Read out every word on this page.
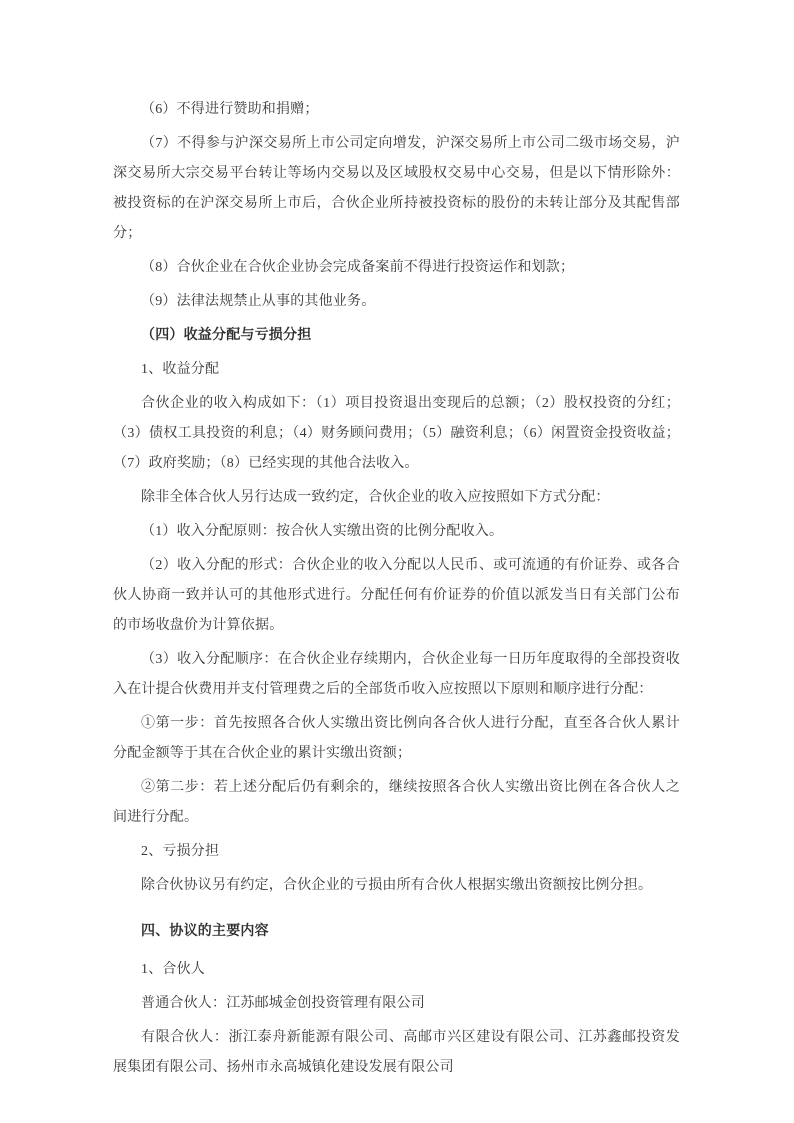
（6）不得进行赞助和捐赠；

（7）不得参与沪深交易所上市公司定向增发，沪深交易所上市公司二级市场交易，沪深交易所大宗交易平台转让等场内交易以及区域股权交易中心交易，但是以下情形除外：被投资标的在沪深交易所上市后，合伙企业所持被投资标的股份的未转让部分及其配售部分；

（8）合伙企业在合伙企业协会完成备案前不得进行投资运作和划款；

（9）法律法规禁止从事的其他业务。

（四）收益分配与亏损分担

1、收益分配

合伙企业的收入构成如下：（1）项目投资退出变现后的总额；（2）股权投资的分红；（3）债权工具投资的利息；（4）财务顾问费用；（5）融资利息；（6）闲置资金投资收益；（7）政府奖励；（8）已经实现的其他合法收入。

除非全体合伙人另行达成一致约定，合伙企业的收入应按照如下方式分配：

（1）收入分配原则：按合伙人实缴出资的比例分配收入。

（2）收入分配的形式：合伙企业的收入分配以人民币、或可流通的有价证券、或各合伙人协商一致并认可的其他形式进行。分配任何有价证券的价值以派发当日有关部门公布的市场收盘价为计算依据。

（3）收入分配顺序：在合伙企业存续期内，合伙企业每一日历年度取得的全部投资收入在计提合伙费用并支付管理费之后的全部货币收入应按照以下原则和顺序进行分配：

①第一步：首先按照各合伙人实缴出资比例向各合伙人进行分配，直至各合伙人累计分配金额等于其在合伙企业的累计实缴出资额；

②第二步：若上述分配后仍有剩余的，继续按照各合伙人实缴出资比例在各合伙人之间进行分配。

2、亏损分担

除合伙协议另有约定，合伙企业的亏损由所有合伙人根据实缴出资额按比例分担。

四、协议的主要内容

1、合伙人

普通合伙人：江苏邮城金创投资管理有限公司

有限合伙人：浙江泰舟新能源有限公司、高邮市兴区建设有限公司、江苏鑫邮投资发展集团有限公司、扬州市永高城镇化建设发展有限公司
